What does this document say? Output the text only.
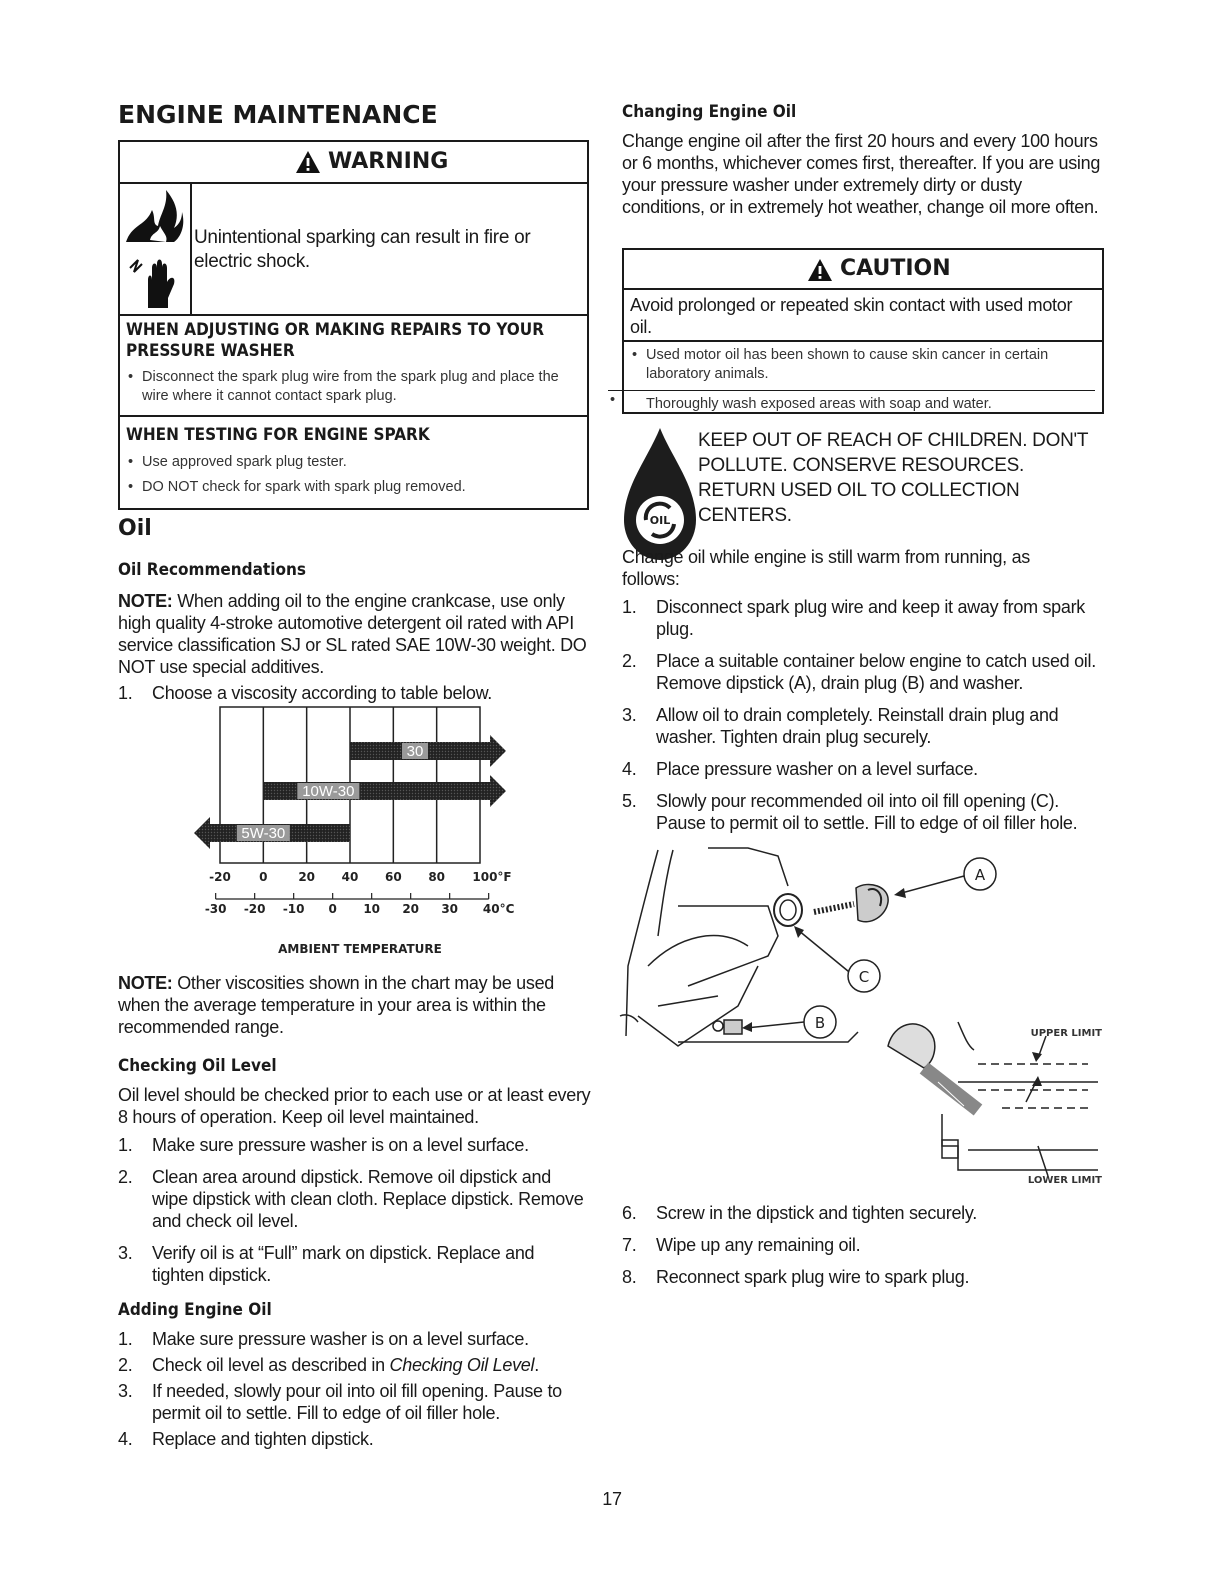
ENGINE MAINTENANCE
WARNING
Unintentional sparking can result in fire or electric shock.
WHEN ADJUSTING OR MAKING REPAIRS TO YOUR PRESSURE WASHER
• Disconnect the spark plug wire from the spark plug and place the wire where it cannot contact spark plug.
WHEN TESTING FOR ENGINE SPARK
• Use approved spark plug tester.
• DO NOT check for spark with spark plug removed.
Oil
Oil Recommendations
NOTE: When adding oil to the engine crankcase, use only high quality 4-stroke automotive detergent oil rated with API service classification SJ or SL rated SAE 10W-30 weight. DO NOT use special additives.
1. Choose a viscosity according to table below.
30
10W-30
5W-30
-20 0	20 40 60 80 100°F
-30 -20 -10 0 10 20 30 40°C
AMBIENT TEMPERATURE
NOTE: Other viscosities shown in the chart may be used when the average temperature in your area is within the recommended range.
Checking Oil Level
Oil level should be checked prior to each use or at least every 8 hours of operation. Keep oil level maintained.
1. Make sure pressure washer is on a level surface.
2. Clean area around dipstick. Remove oil dipstick and wipe dipstick with clean cloth. Replace dipstick. Remove and check oil level.
3. Verify oil is at “Full” mark on dipstick. Replace and tighten dipstick.
Adding Engine Oil
1. Make sure pressure washer is on a level surface.
2. Check oil level as described in Checking Oil Level.
3. If needed, slowly pour oil into oil fill opening. Pause to permit oil to settle. Fill to edge of oil filler hole.
4. Replace and tighten dipstick.
Changing Engine Oil
Change engine oil after the first 20 hours and every 100 hours or 6 months, whichever comes first, thereafter. If you are using your pressure washer under extremely dirty or dusty conditions, or in extremely hot weather, change oil more often.
CAUTION
Avoid prolonged or repeated skin contact with used motor oil.
• Used motor oil has been shown to cause skin cancer in certain laboratory animals.
• Thoroughly wash exposed areas with soap and water.
OIL
KEEP OUT OF REACH OF CHILDREN. DON'T POLLUTE. CONSERVE RESOURCES. RETURN USED OIL TO COLLECTION CENTERS.
Change oil while engine is still warm from running, as follows:
1. Disconnect spark plug wire and keep it away from spark plug.
2. Place a suitable container below engine to catch used oil. Remove dipstick (A), drain plug (B) and washer.
3. Allow oil to drain completely. Reinstall drain plug and washer. Tighten drain plug securely.
4. Place pressure washer on a level surface.
5. Slowly pour recommended oil into oil fill opening (C). Pause to permit oil to settle. Fill to edge of oil filler hole.
A
C
B
UPPER LIMIT
LOWER LIMIT
6. Screw in the dipstick and tighten securely.
7. Wipe up any remaining oil.
8. Reconnect spark plug wire to spark plug.
17
